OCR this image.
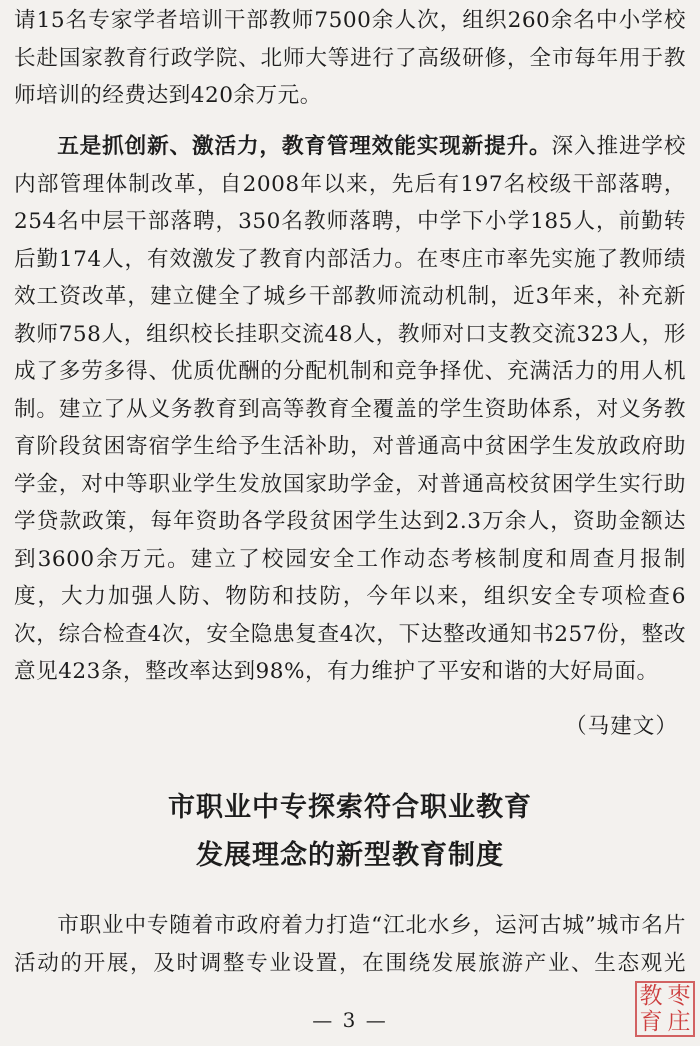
请15名专家学者培训干部教师7500余人次，组织260余名中小学校长赴国家教育行政学院、北师大等进行了高级研修，全市每年用于教师培训的经费达到420余万元。

五是抓创新、激活力，教育管理效能实现新提升。深入推进学校内部管理体制改革，自2008年以来，先后有197名校级干部落聘，254名中层干部落聘，350名教师落聘，中学下小学185人，前勤转后勤174人，有效激发了教育内部活力。在枣庄市率先实施了教师绩效工资改革，建立健全了城乡干部教师流动机制，近3年来，补充新教师758人，组织校长挂职交流48人，教师对口支教交流323人，形成了多劳多得、优质优酬的分配机制和竞争择优、充满活力的用人机制。建立了从义务教育到高等教育全覆盖的学生资助体系，对义务教育阶段贫困寄宿学生给予生活补助，对普通高中贫困学生发放政府助学金，对中等职业学生发放国家助学金，对普通高校贫困学生实行助学贷款政策，每年资助各学段贫困学生达到2.3万余人，资助金额达到3600余万元。建立了校园安全工作动态考核制度和周查月报制度，大力加强人防、物防和技防，今年以来，组织安全专项检查6次，综合检查4次，安全隐患复查4次，下达整改通知书257份，整改意见423条，整改率达到98%，有力维护了平安和谐的大好局面。

（马建文）
市职业中专探索符合职业教育
发展理念的新型教育制度

市职业中专随着市政府着力打造“江北水乡，运河古城”城市名片活动的开展，及时调整专业设置，在围绕发展旅游产业、生态观光

— 3 —
教 枣
育 庄
